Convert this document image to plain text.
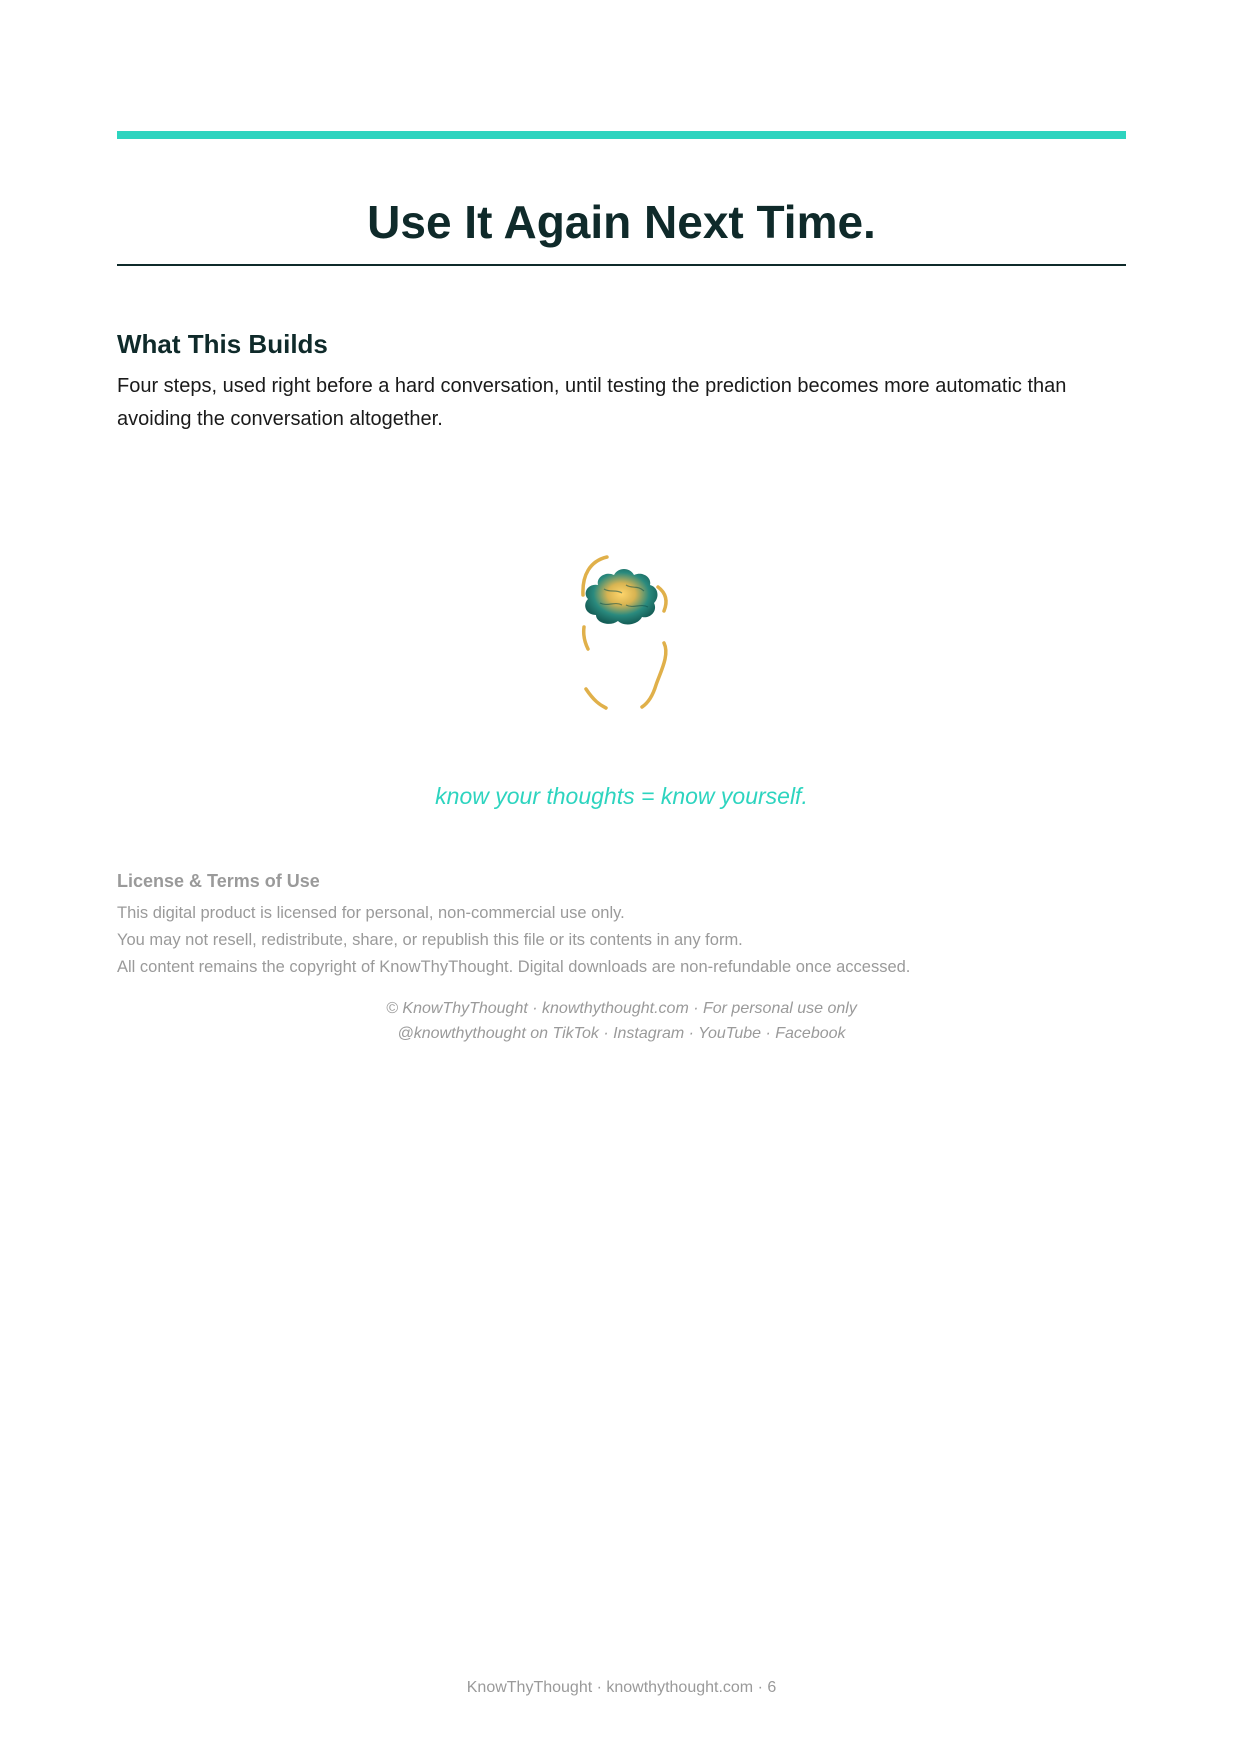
Use It Again Next Time.
What This Builds

Four steps, used right before a hard conversation, until testing the prediction becomes more automatic than avoiding the conversation altogether.

know your thoughts = know yourself.

License & Terms of Use

This digital product is licensed for personal, non-commercial use only.

You may not resell, redistribute, share, or republish this file or its contents in any form.

All content remains the copyright of KnowThyThought. Digital downloads are non-refundable once accessed.

© KnowThyThought · knowthythought.com · For personal use only

@knowthythought on TikTok · Instagram · YouTube · Facebook

KnowThyThought · knowthythought.com · 6
